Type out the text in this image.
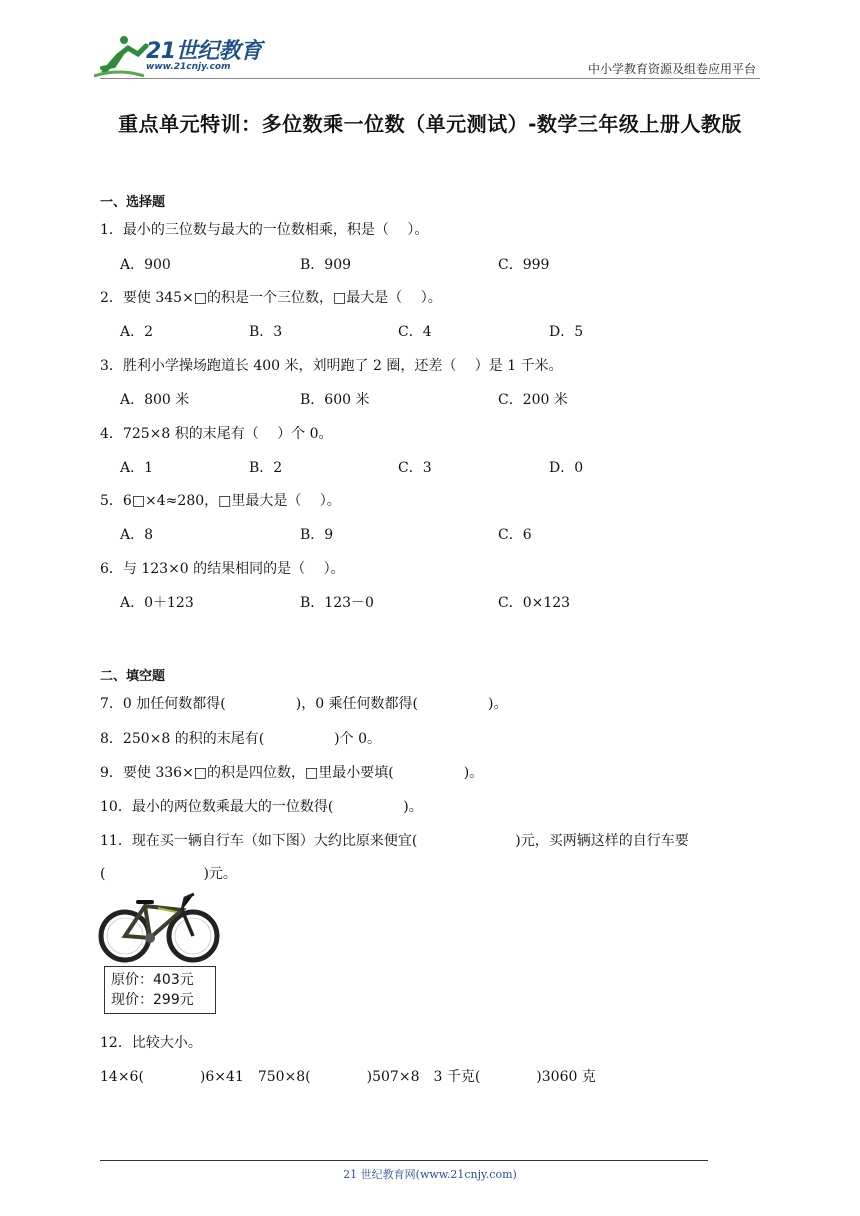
21世纪教育
www.21cnjy.com	中小学教育资源及组卷应用平台
重点单元特训：多位数乘一位数（单元测试）-数学三年级上册人教版
一、选择题
1．最小的三位数与最大的一位数相乘，积是（　 ）。
A．900	B．909	C．999
2．要使 345×□的积是一个三位数，□最大是（　 ）。
A．2	B．3	C．4	D．5
3．胜利小学操场跑道长 400 米，刘明跑了 2 圈，还差（　 ）是 1 千米。
A．800 米	B．600 米	C．200 米
4．725×8 积的末尾有（　 ）个 0。
A．1	B．2	C．3	D．0
5．6□×4≈280，□里最大是（　 ）。
A．8	B．9	C．6
6．与 123×0 的结果相同的是（　 ）。
A．0＋123	B．123－0	C．0×123
二、填空题
7．0 加任何数都得(　　　　　)，0 乘任何数都得(　　　　　)。
8．250×8 的积的末尾有(　　　　　)个 0。
9．要使 336×□的积是四位数，□里最小要填(　　　　　)。
10．最小的两位数乘最大的一位数得(　　　　　)。
11．现在买一辆自行车（如下图）大约比原来便宜(　　　　　　　)元，买两辆这样的自行车要
(　　　　　　　)元。
原价：403元
现价：299元
12．比较大小。
14×6(　　　　)6×41　750×8(　　　　)507×8　3 千克(　　　　)3060 克
21 世纪教育网(www.21cnjy.com)
